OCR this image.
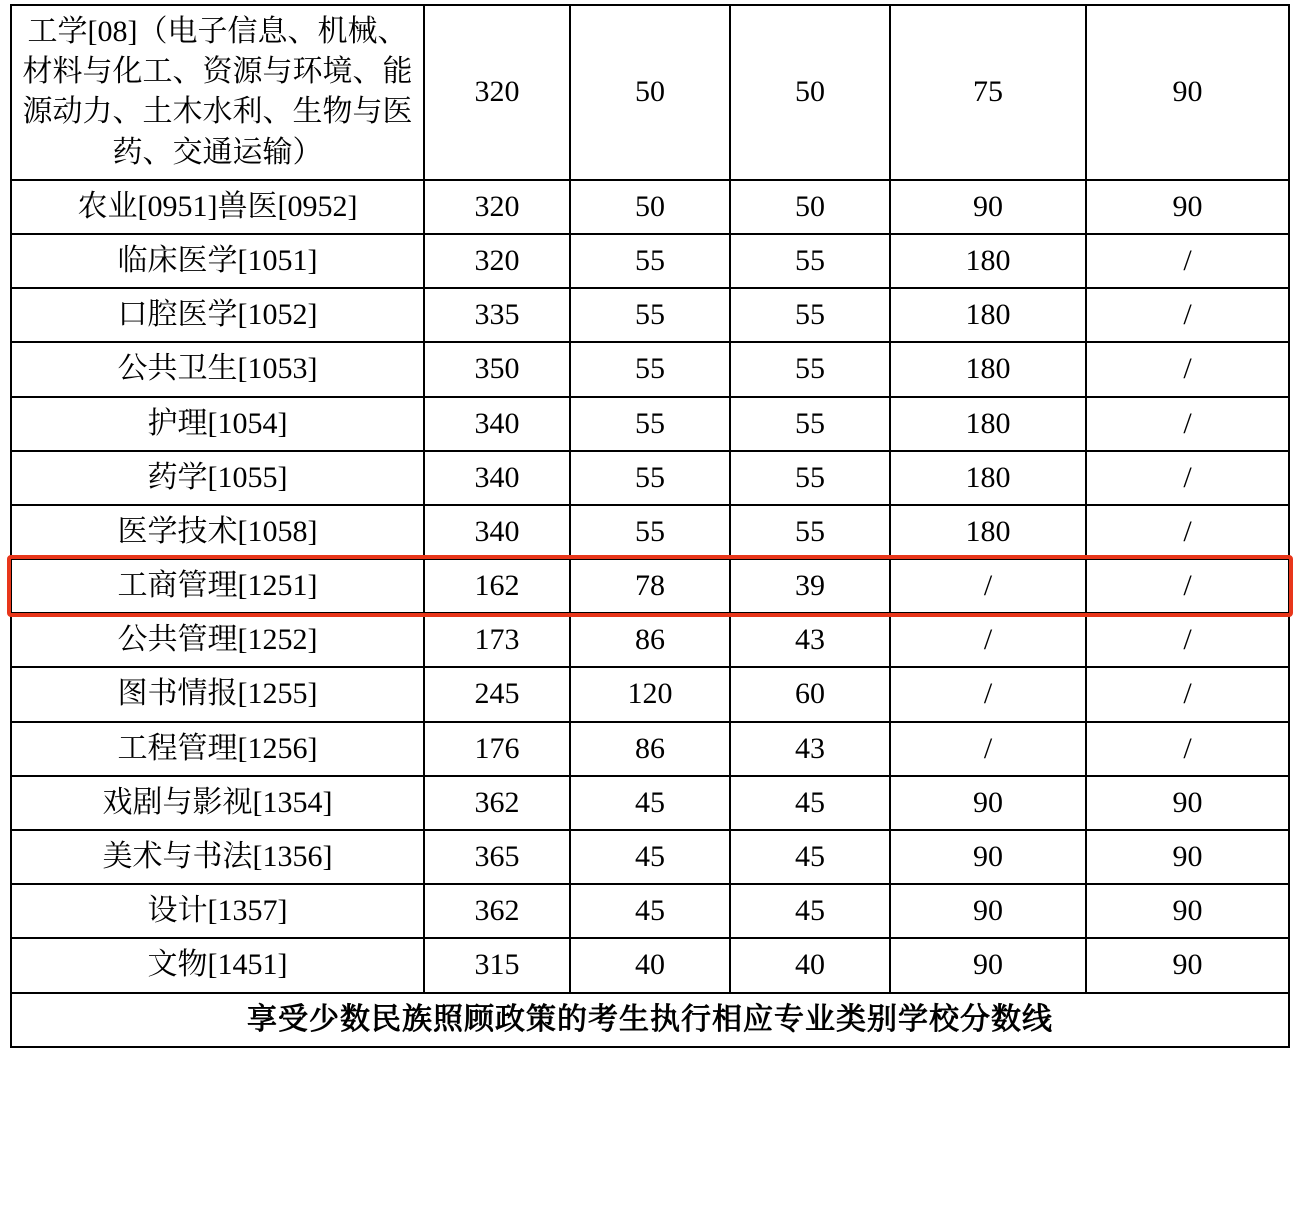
工学[08]（电子信息、机械、材料与化工、资源与环境、能源动力、土木水利、生物与医药、交通运输）	320	50	50	75	90
农业[0951]兽医[0952]	320	50	50	90	90
临床医学[1051]	320	55	55	180	/
口腔医学[1052]	335	55	55	180	/
公共卫生[1053]	350	55	55	180	/
护理[1054]	340	55	55	180	/
药学[1055]	340	55	55	180	/
医学技术[1058]	340	55	55	180	/
工商管理[1251]	162	78	39	/	/
公共管理[1252]	173	86	43	/	/
图书情报[1255]	245	120	60	/	/
工程管理[1256]	176	86	43	/	/
戏剧与影视[1354]	362	45	45	90	90
美术与书法[1356]	365	45	45	90	90
设计[1357]	362	45	45	90	90
文物[1451]	315	40	40	90	90
享受少数民族照顾政策的考生执行相应专业类别学校分数线					
